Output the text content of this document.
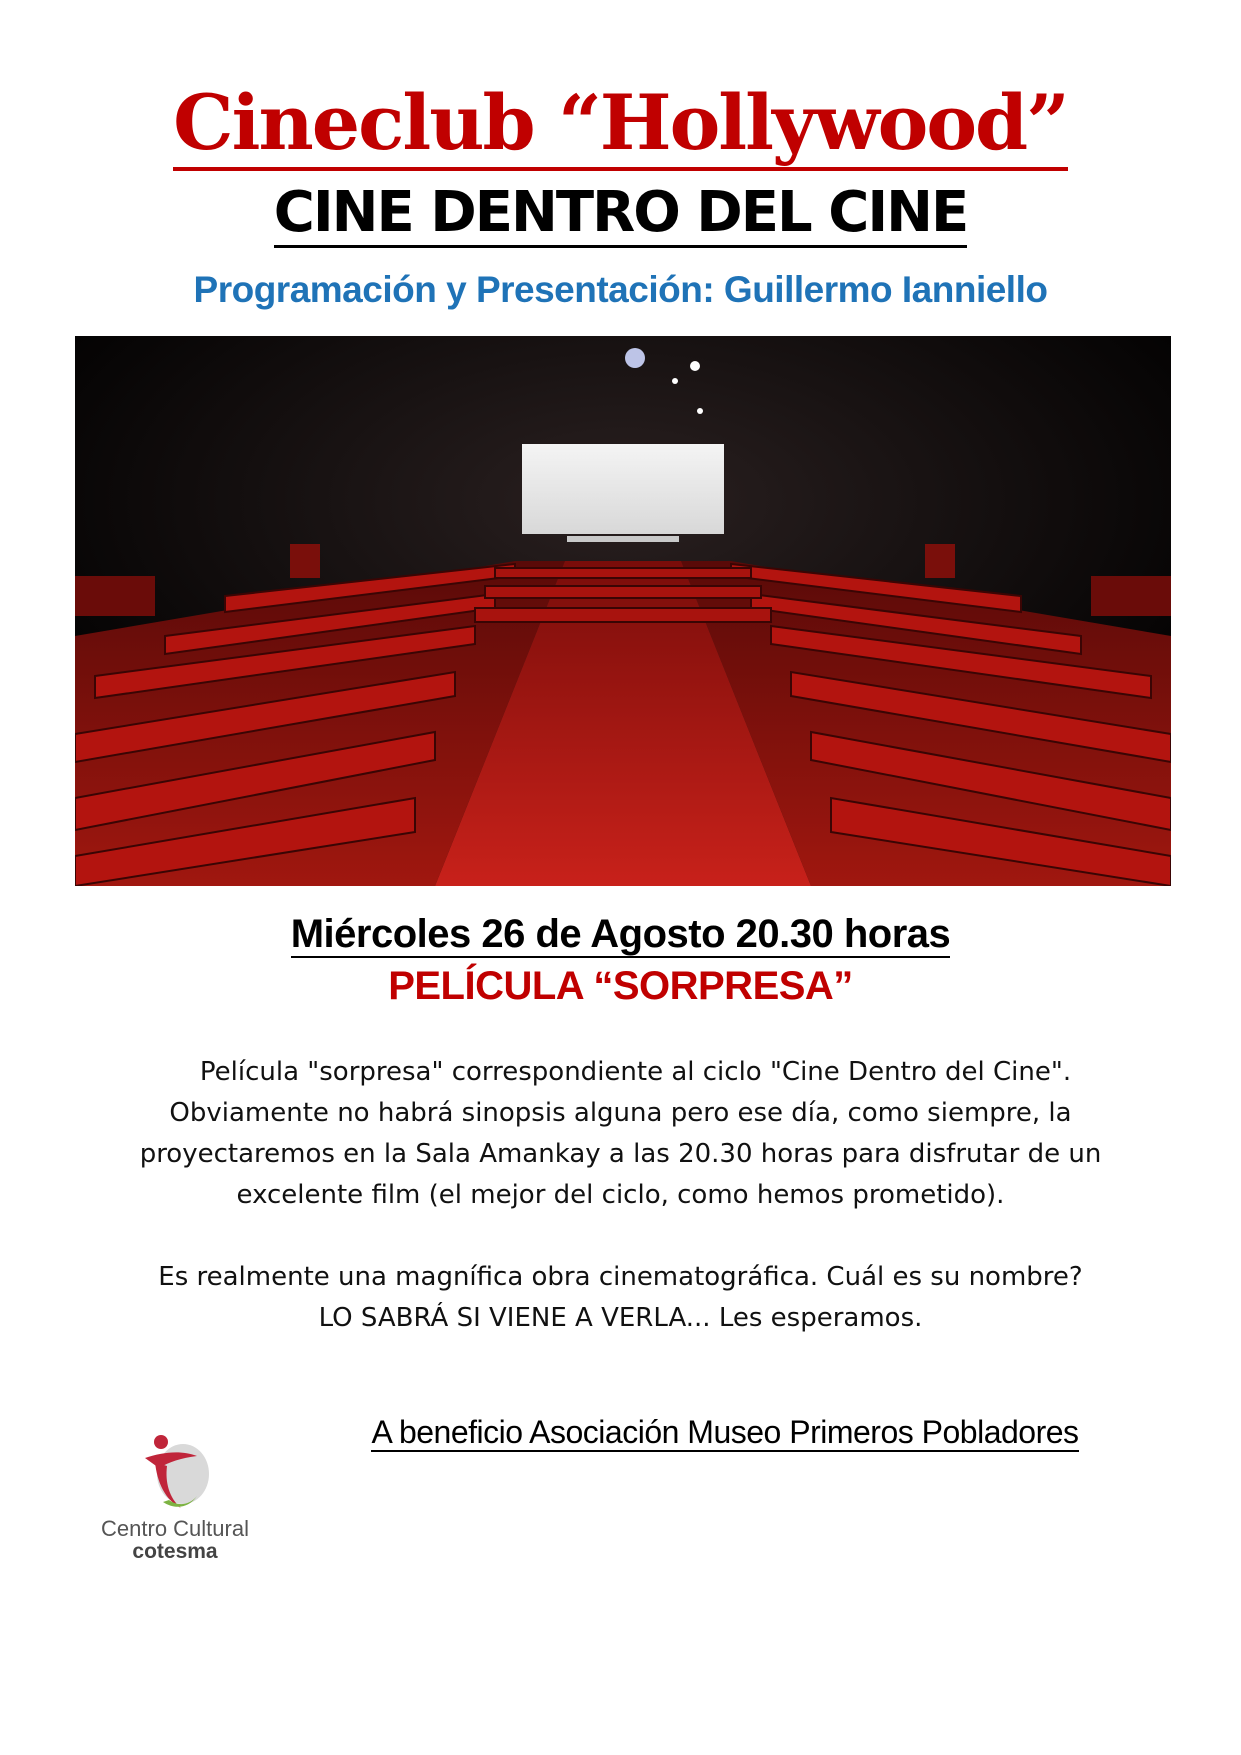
Cineclub “Hollywood”
CINE DENTRO DEL CINE
Programación y Presentación: Guillermo Ianniello
Miércoles 26 de Agosto 20.30 horas
PELÍCULA “SORPRESA”
Película "sorpresa" correspondiente al ciclo "Cine Dentro del Cine".
Obviamente no habrá sinopsis alguna pero ese día, como siempre, la
proyectaremos en la Sala Amankay a las 20.30 horas para disfrutar de un
excelente film (el mejor del ciclo, como hemos prometido).
Es realmente una magnífica obra cinematográfica. Cuál es su nombre?
LO SABRÁ SI VIENE A VERLA... Les esperamos.
A beneficio Asociación Museo Primeros Pobladores
Centro Cultural
cotesma
